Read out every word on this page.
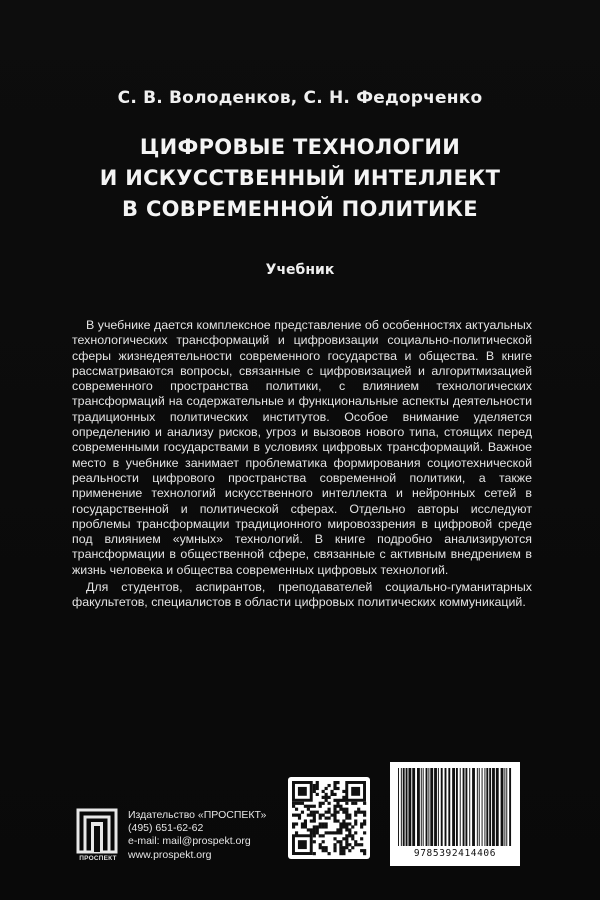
С. В. Володенков, С. Н. Федорченко
ЦИФРОВЫЕ ТЕХНОЛОГИИ
И ИСКУССТВЕННЫЙ ИНТЕЛЛЕКТ
В СОВРЕМЕННОЙ ПОЛИТИКЕ
Учебник

В учебнике дается комплексное представление об особенностях актуальных технологических трансформаций и цифровизации социально-политической сферы жизнедеятельности современного государства и общества. В книге рассматриваются вопросы, связанные с цифровизацией и алгоритмизацией современного пространства политики, с влиянием технологических трансформаций на содержательные и функциональные аспекты деятельности традиционных политических институтов. Особое внимание уделяется определению и анализу рисков, угроз и вызовов нового типа, стоящих перед современными государствами в условиях цифровых трансформаций. Важное место в учебнике занимает проблематика формирования социотехнической реальности цифрового пространства современной политики, а также применение технологий искусственного интеллекта и нейронных сетей в государственной и политической сферах. Отдельно авторы исследуют проблемы трансформации традиционного мировоззрения в цифровой среде под влиянием «умных» технологий. В книге подробно анализируются трансформации в общественной сфере, связанные с активным внедрением в жизнь человека и общества современных цифровых технологий.

Для студентов, аспирантов, преподавателей социально-гуманитарных факультетов, специалистов в области цифровых политических коммуникаций.

ПРОСПЕКТ
Издательство «ПРОСПЕКТ»
(495) 651-62-62
e-mail: mail@prospekt.org
www.prospekt.org	9785392414406
